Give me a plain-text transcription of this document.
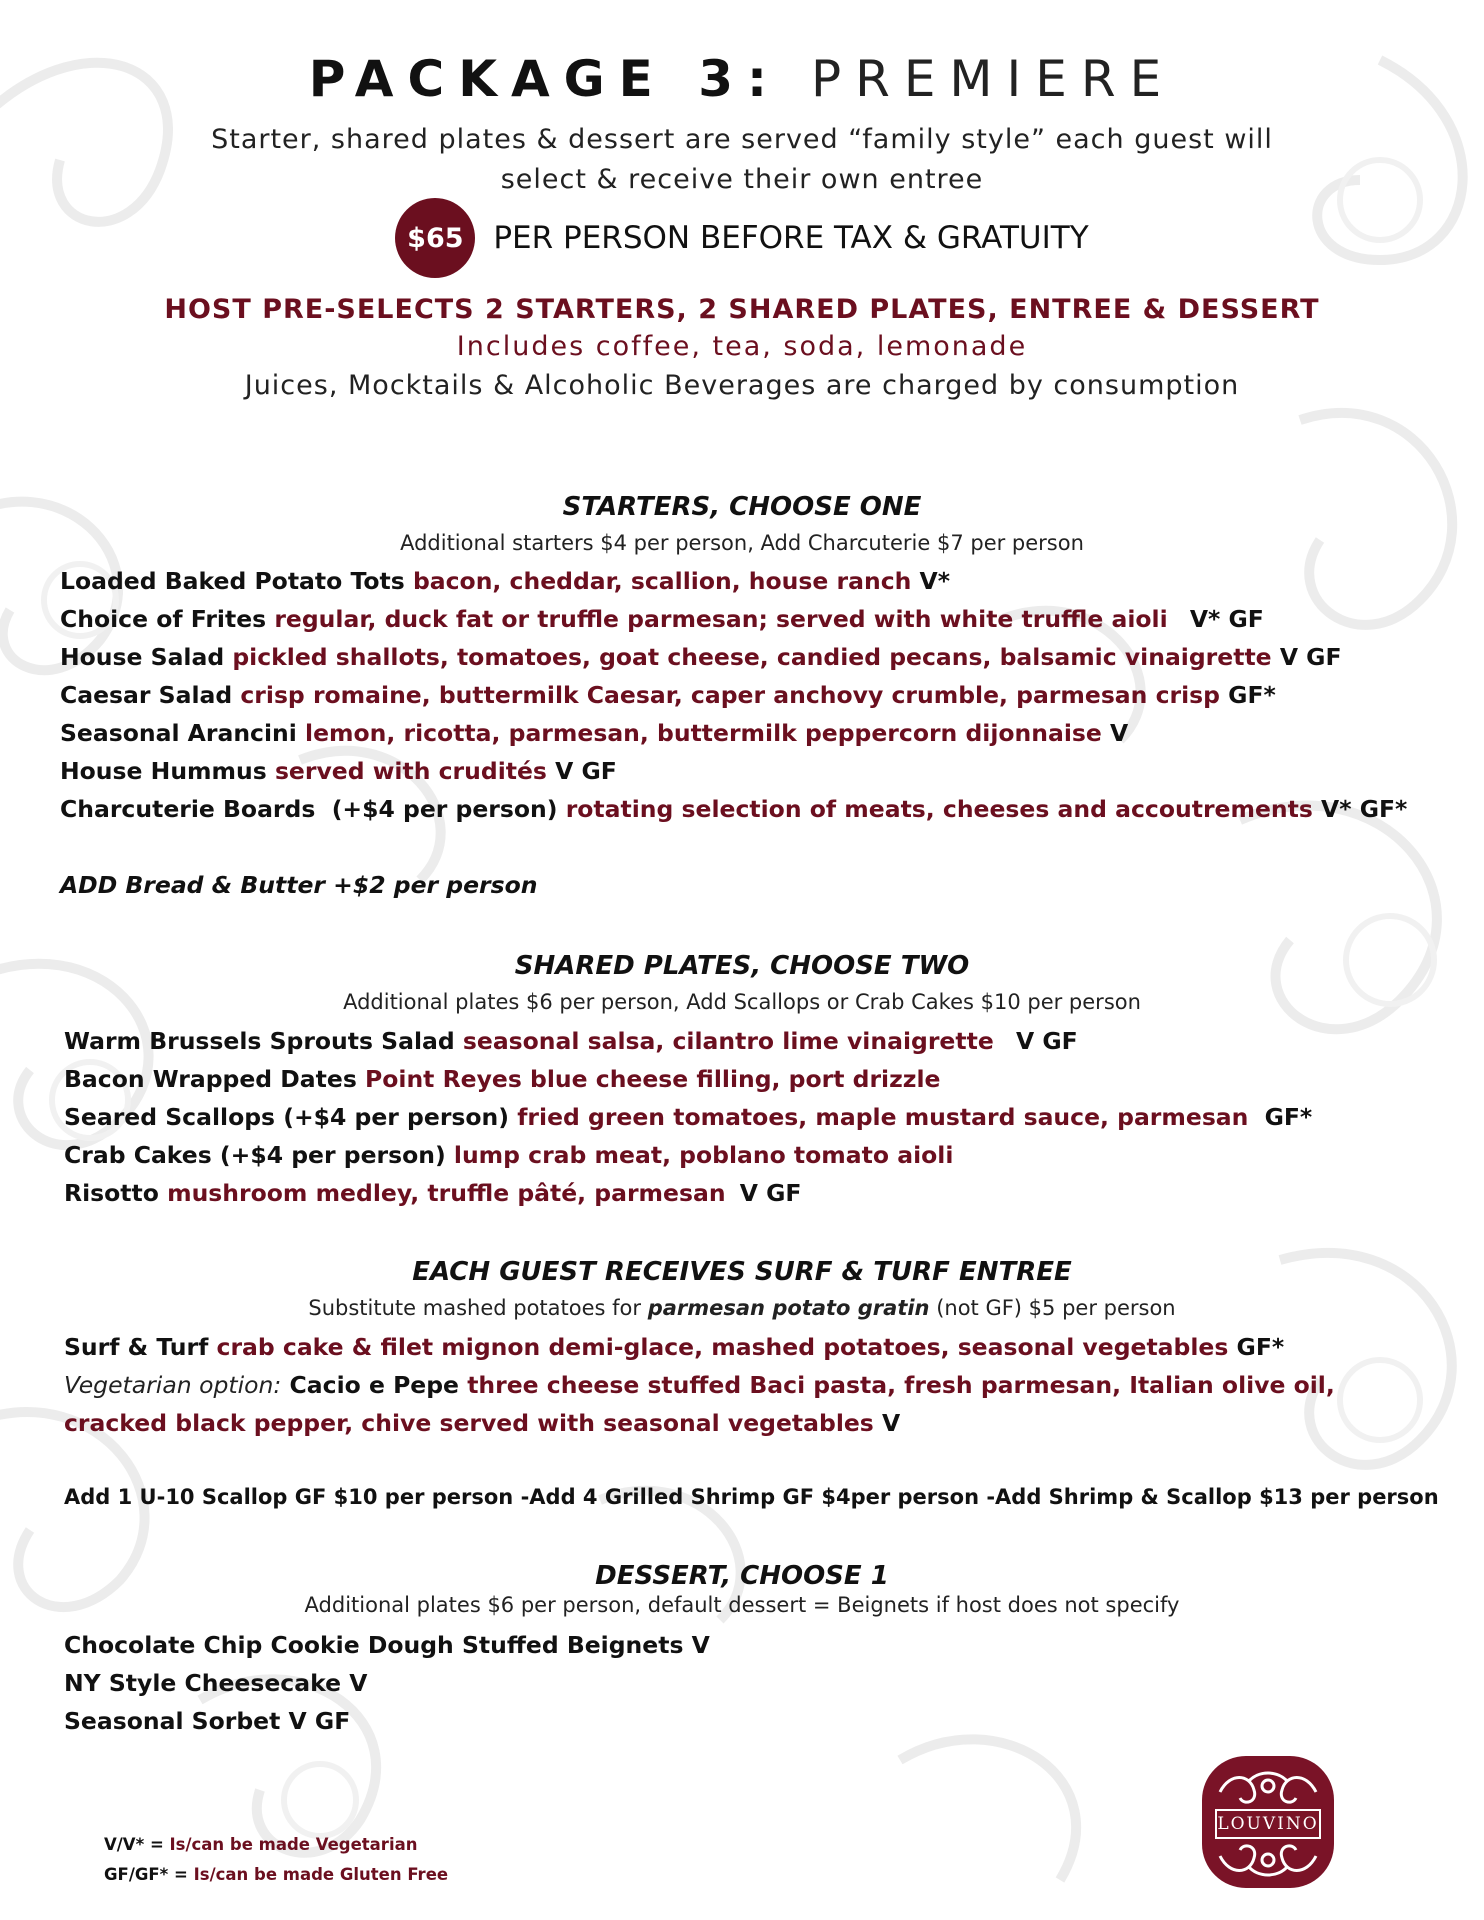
PACKAGE 3: PREMIERE
Starter, shared plates & dessert are served “family style” each guest will
select & receive their own entree
$65 PER PERSON BEFORE TAX & GRATUITY
HOST PRE-SELECTS 2 STARTERS, 2 SHARED PLATES, ENTREE & DESSERT
Includes coffee, tea, soda, lemonade
Juices, Mocktails & Alcoholic Beverages are charged by consumption
STARTERS, CHOOSE ONE
Additional starters $4 per person, Add Charcuterie $7 per person
Loaded Baked Potato Tots bacon, cheddar, scallion, house ranch V*
Choice of Frites regular, duck fat or truffle parmesan; served with white truffle aioli V* GF
House Salad pickled shallots, tomatoes, goat cheese, candied pecans, balsamic vinaigrette V GF
Caesar Salad crisp romaine, buttermilk Caesar, caper anchovy crumble, parmesan crisp GF*
Seasonal Arancini lemon, ricotta, parmesan, buttermilk peppercorn dijonnaise V
House Hummus served with crudités V GF
Charcuterie Boards  (+$4 per person) rotating selection of meats, cheeses and accoutrements V* GF*
ADD Bread & Butter +$2 per person
SHARED PLATES, CHOOSE TWO
Additional plates $6 per person, Add Scallops or Crab Cakes $10 per person
Warm Brussels Sprouts Salad seasonal salsa, cilantro lime vinaigrette V GF
Bacon Wrapped Dates Point Reyes blue cheese filling, port drizzle
Seared Scallops (+$4 per person) fried green tomatoes, maple mustard sauce, parmesan GF*
Crab Cakes (+$4 per person) lump crab meat, poblano tomato aioli
Risotto mushroom medley, truffle pâté, parmesan V GF
EACH GUEST RECEIVES SURF & TURF ENTREE
Substitute mashed potatoes for parmesan potato gratin (not GF) $5 per person
Surf & Turf crab cake & filet mignon demi-glace, mashed potatoes, seasonal vegetables GF*
Vegetarian option: Cacio e Pepe three cheese stuffed Baci pasta, fresh parmesan, Italian olive oil,
cracked black pepper, chive served with seasonal vegetables V
Add 1 U-10 Scallop GF $10 per person -Add 4 Grilled Shrimp GF $4per person -Add Shrimp & Scallop $13 per person
DESSERT, CHOOSE 1
Additional plates $6 per person, default dessert = Beignets if host does not specify
Chocolate Chip Cookie Dough Stuffed Beignets V
NY Style Cheesecake V
Seasonal Sorbet V GF
V/V* = Is/can be made Vegetarian
GF/GF* = Is/can be made Gluten Free
LOUVINO
